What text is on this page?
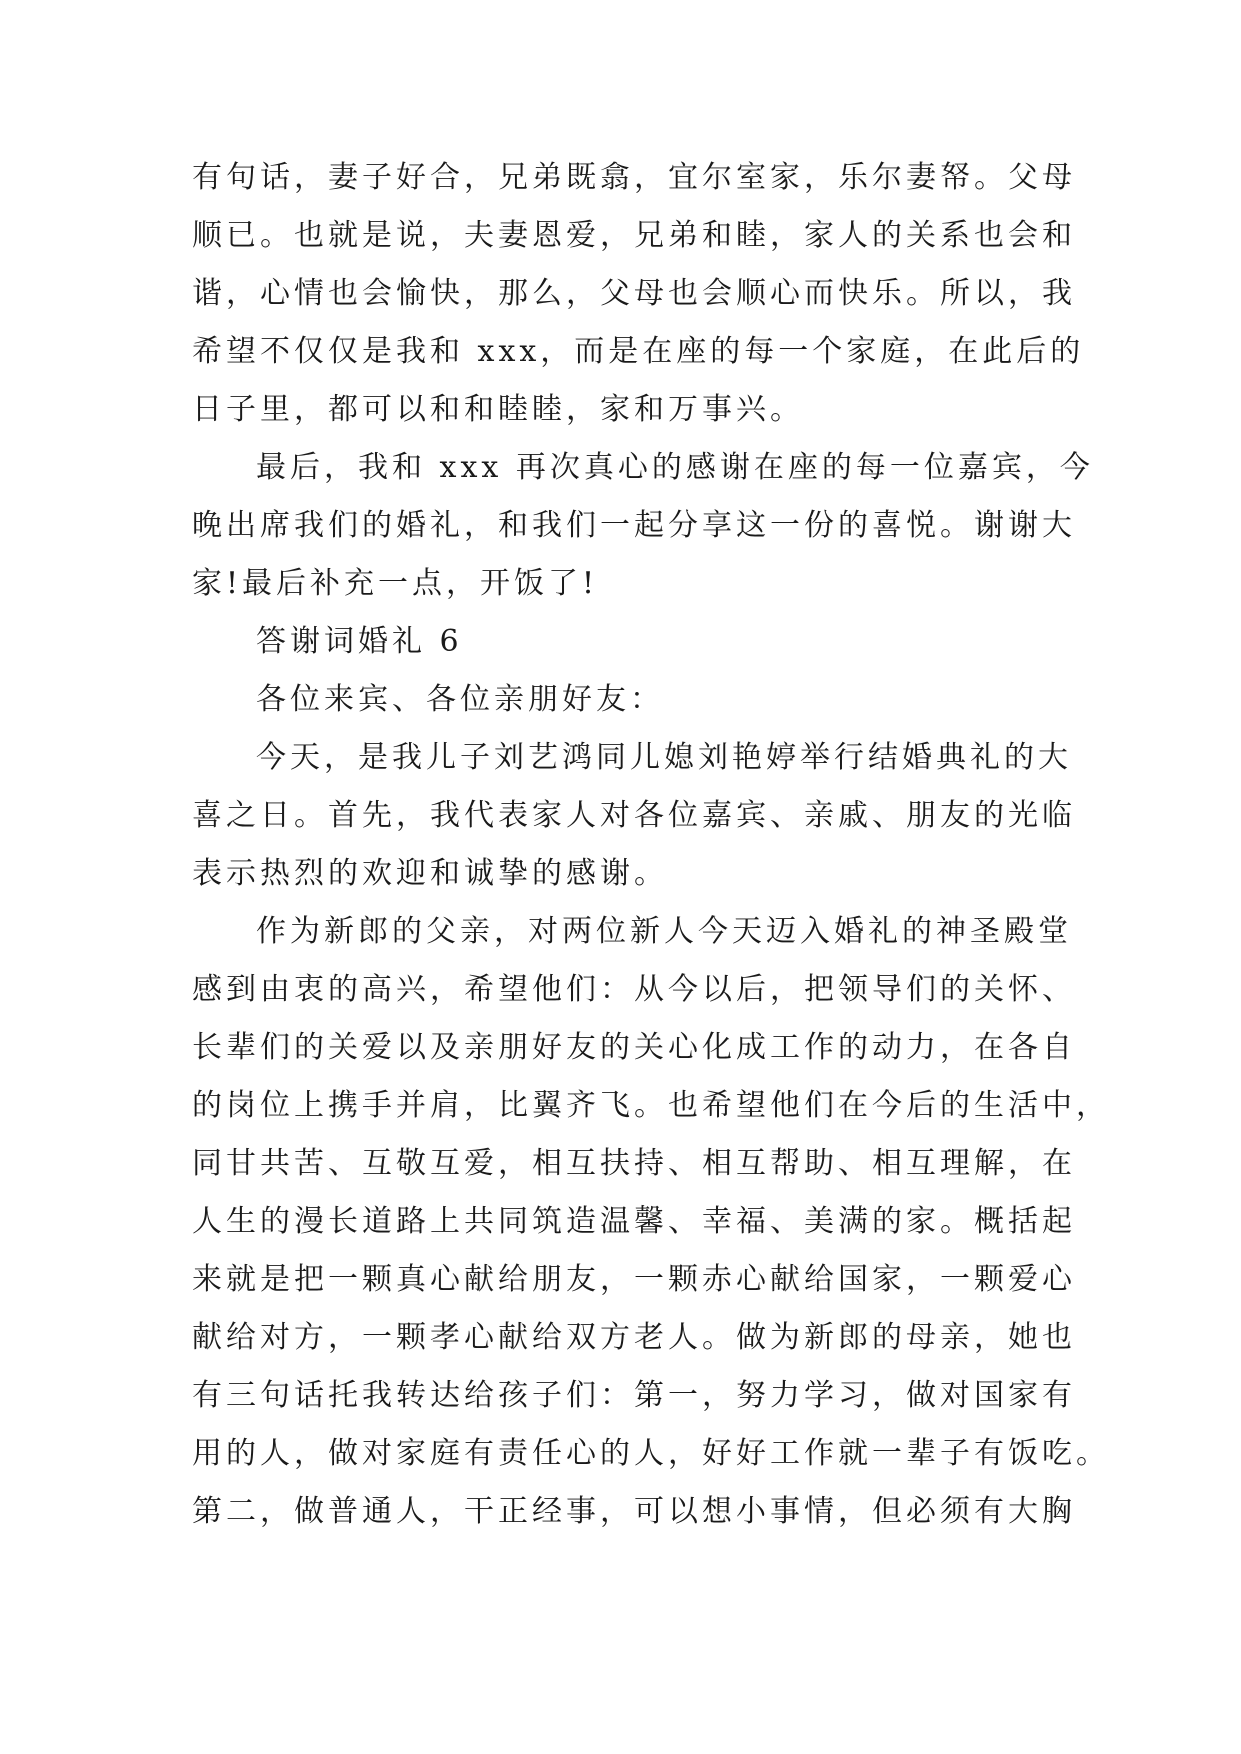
有句话，妻子好合，兄弟既翕，宜尔室家，乐尔妻帑。父母
顺已。也就是说，夫妻恩爱，兄弟和睦，家人的关系也会和
谐，心情也会愉快，那么，父母也会顺心而快乐。所以，我
希望不仅仅是我和 xxx，而是在座的每一个家庭，在此后的
日子里，都可以和和睦睦，家和万事兴。
最后，我和 xxx 再次真心的感谢在座的每一位嘉宾，今
晚出席我们的婚礼，和我们一起分享这一份的喜悦。谢谢大
家!最后补充一点，开饭了!
答谢词婚礼 6
各位来宾、各位亲朋好友：
今天，是我儿子刘艺鸿同儿媳刘艳婷举行结婚典礼的大
喜之日。首先，我代表家人对各位嘉宾、亲戚、朋友的光临
表示热烈的欢迎和诚挚的感谢。
作为新郎的父亲，对两位新人今天迈入婚礼的神圣殿堂
感到由衷的高兴，希望他们：从今以后，把领导们的关怀、
长辈们的关爱以及亲朋好友的关心化成工作的动力，在各自
的岗位上携手并肩，比翼齐飞。也希望他们在今后的生活中，
同甘共苦、互敬互爱，相互扶持、相互帮助、相互理解，在
人生的漫长道路上共同筑造温馨、幸福、美满的家。概括起
来就是把一颗真心献给朋友，一颗赤心献给国家，一颗爱心
献给对方，一颗孝心献给双方老人。做为新郎的母亲，她也
有三句话托我转达给孩子们：第一，努力学习，做对国家有
用的人，做对家庭有责任心的人，好好工作就一辈子有饭吃。
第二，做普通人，干正经事，可以想小事情，但必须有大胸
